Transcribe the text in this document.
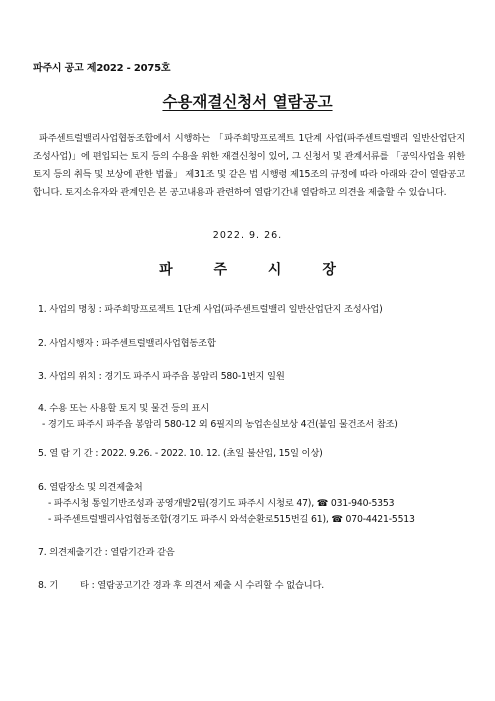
파주시 공고 제2022 - 2075호
수용재결신청서 열람공고

파주센트럴밸리사업협동조합에서 시행하는 「파주희망프로젝트 1단계 사업(파주센트럴밸리 일반산업단지 조성사업)」에 편입되는 토지 등의 수용을 위한 재결신청이 있어, 그 신청서 및 관계서류를 「공익사업을 위한 토지 등의 취득 및 보상에 관한 법률」 제31조 및 같은 법 시행령 제15조의 규정에 따라 아래와 같이 열람공고 합니다. 토지소유자와 관계인은 본 공고내용과 관련하여 열람기간내 열람하고 의견을 제출할 수 있습니다.

2022. 9. 26.
파 주 시 장
1. 사업의 명칭 : 파주희망프로젝트 1단계 사업(파주센트럴밸리 일반산업단지 조성사업)
2. 사업시행자 : 파주센트럴밸리사업협동조합
3. 사업의 위치 : 경기도 파주시 파주읍 봉암리 580-1번지 일원
4. 수용 또는 사용할 토지 및 물건 등의 표시
- 경기도 파주시 파주읍 봉암리 580-12 외 6필지의 농업손실보상 4건(붙임 물건조서 참조)
5. 열 람 기 간 : 2022. 9.26. - 2022. 10. 12. (초일 불산입, 15일 이상)
6. 열람장소 및 의견제출처
- 파주시청 통일기반조성과 공영개발2팀(경기도 파주시 시청로 47), ☎ 031-940-5353
- 파주센트럴밸리사업협동조합(경기도 파주시 와석순환로515번길 61), ☎ 070-4421-5513
7. 의견제출기간 : 열람기간과 같음
8. 기        타 : 열람공고기간 경과 후 의견서 제출 시 수리할 수 없습니다.
